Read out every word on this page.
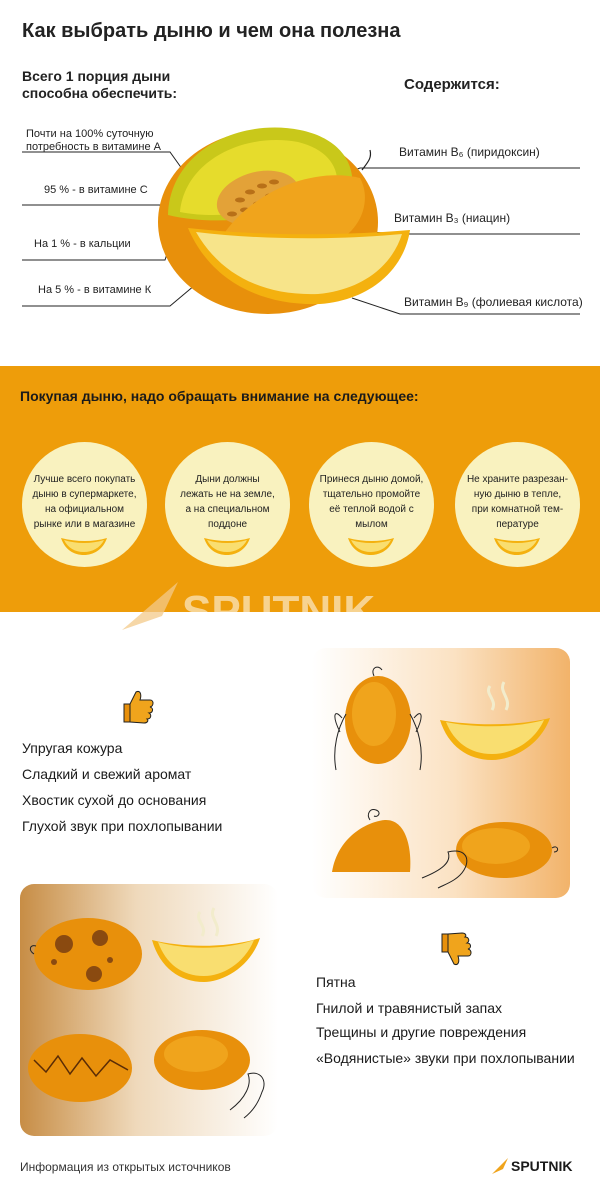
Как выбрать дыню и чем она полезна
Всего 1 порция дыни
способна обеспечить:	Содержится:
Почти на 100% суточную
потребность в витамине А
95 % - в витамине С
На 1 % - в кальции
На 5 % - в витамине К
Витамин В₆ (пиридоксин)
Витамин В₃ (ниацин)
Витамин В₉ (фолиевая кислота)
Покупая дыню, надо обращать внимание на следующее:
Лучше всего покупать
дыню в супермаркете,
на официальном
рынке или в магазине
Дыни должны
лежать не на земле,
а на специальном
поддоне
Принеся дыню домой,
тщательно промойте
её теплой водой с
мылом
Не храните разрезан-
ную дыню в тепле,
при комнатной тем-
пературе
SPUTNIK
Упругая кожура
Сладкий и свежий аромат
Хвостик сухой до основания
Глухой звук при похлопывании
Пятна
Гнилой и травянистый запах
Трещины и другие повреждения
«Водянистые» звуки при похлопывании
Информация из открытых источников	SPUTNIK
